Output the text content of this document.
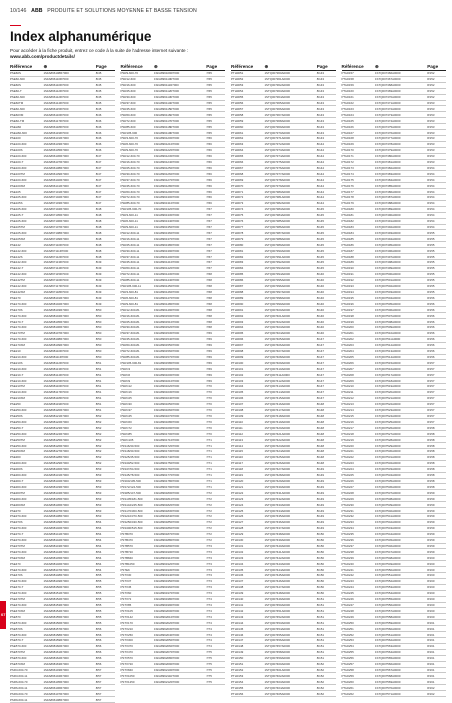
10/146 ABB PRODUITE ET SOLUTIONS MOYENNE ET BASSE TENSION
Index alphanumérique
Pour accéder à la fiche produit, entrez ce code à la suite de l'adresse internet suivante :
www.abb.com/productdetails/
Référence	⊕	Page
PSE60S	1SFA896108R7000	8/45
PSE60-600	1SFA896110R7000	8/45
PSE60S	1SFA896110R7000	8/45
PSE60-T	1SFA896112R7000	8/45
PSE60-600	1SFA896112R7000	8/45
PSE60TM	1SFA896114R7000	8/45
PSE60-600	1SFA896115R7000	8/45
PSE60XM	1SFA896116R7000	8/46
PSE60-TM	1SFA896117R7000	8/46
PSEH60	1SFA896118R7000	8/46
PSEH60-600	1SFA896119R7000	8/46
PSE100	1SFA896131R7000	8/46
PSE100-600	1SFA896133R7000	8/46
PSE100S	1SFA896135R7000	8/46
PSE100-600	1SFA896136R7000	8/47
PSE100-T	1SFA896137R7000	8/47
PSE100-600	1SFA896138R7000	8/47
PSE100TM	1SFA896139R7000	8/47
PSE100-600	1SFA896140R7000	8/47
PSE100XM	1SFA896141R7000	8/47
PSE105	1SFA897101R7000	8/47
PSE105-600	1SFA897102R7000	8/47
PSE105S	1SFA897103R7000	8/47
PSE105-600	1SFA897104R7000	8/48
PSE105-T	1SFA897105R7000	8/48
PSE105-600	1SFA897106R7000	8/48
PSE105TM	1SFA897107R7000	8/48
PSE105-600	1SFA897108R7000	8/48
PSE105XM	1SFA897109R7000	8/48
PSE142	1SFA897110R7000	8/48
PSE142-600	1SFA897111R7000	8/48
PSE142S	1SFA897112R7000	8/48
PSE142-600	1SFA897113R7000	8/49
PSE142-T	1SFA897114R7000	8/49
PSE142-600	1SFA897115R7000	8/49
PSE142TM	1SFA897116R7000	8/49
PSE142-600	1SFA897117R7000	8/49
PSE142XM	1SFA897118R7000	8/49
PSE170	1SFA898101R7000	8/49
PSE170-600	1SFA898102R7000	8/49
PSE170S	1SFA898103R7000	8/50
PSE170-600	1SFA898104R7000	8/50
PSE170-T	1SFA898105R7000	8/50
PSE170-600	1SFA898106R7000	8/50
PSE170TM	1SFA898107R7000	8/50
PSE170-600	1SFA898108R7000	8/50
PSE170XM	1SFA898109R7000	8/50
PSE210	1SFA898110R7000	8/50
PSE210-600	1SFA898111R7000	8/50
PSE210S	1SFA898112R7000	8/51
PSE210-600	1SFA898113R7000	8/51
PSE210-T	1SFA898114R7000	8/51
PSE210-600	1SFA898115R7000	8/51
PSE210TM	1SFA898116R7000	8/51
PSE210-600	1SFA898117R7000	8/51
PSE210XM	1SFA898118R7000	8/51
PSE250	1SFA898119R7000	8/51
PSE250-600	1SFA898120R7000	8/51
PSE250S	1SFA898121R7000	8/52
PSE250-600	1SFA898122R7000	8/52
PSE250-T	1SFA898123R7000	8/52
PSE250-600	1SFA898124R7000	8/52
PSE250TM	1SFA898125R7000	8/52
PSE250-600	1SFA898126R7000	8/52
PSE250XM	1SFA898127R7000	8/52
PSE300	1SFA898128R7000	8/52
PSE300-600	1SFA898129R7000	8/52
PSE300S	1SFA898130R7000	8/53
PSE300-600	1SFA898131R7000	8/53
PSE300-T	1SFA898132R7000	8/53
PSE300-600	1SFA898133R7000	8/53
PSE300TM	1SFA898134R7000	8/53
PSE300-600	1SFA898135R7000	8/53
PSE300XM	1SFA898136R7000	8/53
PSE370	1SFA898137R7000	8/53
PSE370-600	1SFA898138R7000	8/53
PSE370S	1SFA898139R7000	8/54
PSE370-600	1SFA898140R7000	8/54
PSE370-T	1SFA898141R7000	8/54
PSE370-600	1SFA898142R7000	8/54
PSE370TM	1SFA898143R7000	8/54
PSE370-600	1SFA898144R7000	8/54
PSE370XM	1SFA898145R7000	8/54
PSE470	1SFA898146R7000	8/54
PSE470-600	1SFA898147R7000	8/54
PSE470S	1SFA898148R7000	8/55
PSE470-600	1SFA898149R7000	8/55
PSE470-T	1SFA898150R7000	8/55
PSE470-600	1SFA898151R7000	8/55
PSE470TM	1SFA898152R7000	8/55
PSE470-600	1SFA898153R7000	8/55
PSE470XM	1SFA898154R7000	8/55
PSE570	1SFA898155R7000	8/55
PSE570-600	1SFA898156R7000	8/55
PSE570S	1SFA898157R7000	8/56
PSE570-600	1SFA898158R7000	8/56
PSE570-T	1SFA898159R7000	8/56
PSE570-600	1SFA898160R7000	8/56
PSE570TM	1SFA898161R7000	8/56
PSE570-600	1SFA898162R7000	8/56
PSE570XM	1SFA898163R7000	8/56
PSR3-600-70	1SFA896103R7000	8/57
PSR3-600-11	1SFA896104R7000	8/57
PSR6-600-70	1SFA896105R7000	8/57
PSR6-600-11	1SFA896106R7000	8/57
PSR9-600-70	1SFA896107R7000	8/57
PSR9-600-11	1SFA896108R7000	8/57
Référence	⊕	Page
PSR9-600-70	1SFA896109R7000	7/65
PSR12-600	1SFA896110R7000	7/65
PSR16-600	1SFA896111R7000	7/65
PSR25-600	1SFA896112R7000	7/65
PSR30-600	1SFA896113R7000	7/65
PSR37-600	1SFA896114R7000	7/65
PSR45-600	1SFA896115R7000	7/65
PSR60-600	1SFA896116R7000	7/65
PSR72-600	1SFA896117R7000	7/65
PSR85-600	1SFA896118R7000	7/65
PSR105-600	1SFA896119R7000	7/65
PSR3-600-70	1SFA896120R7000	7/66
PSR6-600-70	1SFA896121R7000	7/66
PSR9-600-70	1SFA896122R7000	7/66
PSR12-600-70	1SFA896123R7000	7/66
PSR16-600-70	1SFA896124R7000	7/66
PSR25-600-70	1SFA896125R7000	7/66
PSR30-600-70	1SFA896126R7000	7/66
PSR37-600-70	1SFA896127R7000	7/66
PSR45-600-70	1SFA896128R7000	7/66
PSR60-600-70	1SFA896129R7000	7/66
PSR72-600-70	1SFA896130R7000	7/66
PSR85-600-70	1SFA896131R7000	7/66
PSR105-600-70	1SFA896132R7000	7/67
PSR3-600-11	1SFA896133R7000	7/67
PSR6-600-11	1SFA896134R7000	7/67
PSR9-600-11	1SFA896135R7000	7/67
PSR12-600-11	1SFA896136R7000	7/67
PSR16-600-11	1SFA896137R7000	7/67
PSR25-600-11	1SFA896138R7000	7/67
PSR30-600-11	1SFA896139R7000	7/67
PSR37-600-11	1SFA896140R7000	7/67
PSR45-600-11	1SFA896141R7000	7/67
PSR60-600-11	1SFA896142R7000	7/67
PSR72-600-11	1SFA896143R7000	7/68
PSR85-600-11	1SFA896144R7000	7/68
PSR105-600-11	1SFA896145R7000	7/68
PSR3-600-81	1SFA896146R7000	7/68
PSR6-600-81	1SFA896147R7000	7/68
PSR9-600-81	1SFA896148R7000	7/68
PSR12-600-81	1SFA896149R7000	7/68
PSR16-600-81	1SFA896150R7000	7/68
PSR25-600-81	1SFA896151R7000	7/68
PSR30-600-81	1SFA896152R7000	7/68
PSR37-600-81	1SFA896153R7000	7/69
PSR45-600-81	1SFA896154R7000	7/69
PSR60-600-81	1SFA896155R7000	7/69
PSR72-600-81	1SFA896156R7000	7/69
PSR85-600-81	1SFA896157R7000	7/69
PSR105-600-81	1SFA896158R7000	7/69
PSRC3	1SFA896159R7000	7/69
PSRC6	1SFA896160R7000	7/69
PSRC9	1SFA896161R7000	7/69
PSRC12	1SFA896162R7000	7/70
PSRC16	1SFA896163R7000	7/70
PSRC25	1SFA896164R7000	7/70
PSRC30	1SFA896165R7000	7/70
PSRC37	1SFA896166R7000	7/70
PSRC45	1SFA896167R7000	7/70
PSRC60	1SFA896168R7000	7/70
PSRC72	1SFA896169R7000	7/70
PSRC85	1SFA896170R7000	7/70
PSRC105	1SFA896171R7000	7/71
PSS16/30-500	1SFA896172R7000	7/71
PSS18/30-500	1SFA896173R7000	7/71
PSS25/45-500	1SFA896174R7000	7/71
PSS30/52-500	1SFA896175R7000	7/71
PSS37/64-500	1SFA896176R7000	7/71
PSS45/78-500	1SFA896177R7000	7/71
PSS60/105-500	1SFA896178R7000	7/71
PSS72/124-500	1SFA896179R7000	7/71
PSS85/147-500	1SFA896180R7000	7/72
PSS105/181-500	1SFA896181R7000	7/72
PSS142/245-500	1SFA896182R7000	7/72
PSS170/300-500	1SFA896183R7000	7/72
PSS210/370-500	1SFA896184R7000	7/72
PSS250/430-500	1SFA896185R7000	7/72
PSS300/515-500	1SFA896186R7000	7/72
PSTB370	1SFA896187R7000	7/72
PSTB470	1SFA896188R7000	7/72
PSTB570	1SFA896189R7000	7/73
PSTB720	1SFA896190R7000	7/73
PSTB840	1SFA896191R7000	7/73
PSTB1050	1SFA896192R7000	7/73
PSTEK	1SFA896193R7000	7/73
PSTX30	1SFA896194R7000	7/73
PSTX37	1SFA896195R7000	7/73
PSTX45	1SFA896196R7000	7/73
PSTX60	1SFA896197R7000	7/73
PSTX72	1SFA896198R7000	7/74
PSTX85	1SFA896199R7000	7/74
PSTX105	1SFA896200R7000	7/74
PSTX142	1SFA896201R7000	7/74
PSTX170	1SFA896202R7000	7/74
PSTX210	1SFA896203R7000	7/74
PSTX250	1SFA896204R7000	7/74
PSTX300	1SFA896205R7000	7/74
PSTX370	1SFA896206R7000	7/74
PSTX470	1SFA896207R7000	7/75
PSTX570	1SFA896208R7000	7/75
PSTX720	1SFA896209R7000	7/75
PSTX840	1SFA896210R7000	7/75
PSTX1050	1SFA896211R7000	7/75
PSTX1250	1SFA896212R7000	7/75
Référence	⊕	Page
PTH0051	1STQ007360A0000	8/143
PTH0052	1STQ007361A0000	8/143
PTH0053	1STQ007362A0000	8/143
PTH0054	1STQ007363A0000	8/143
PTH0055	1STQ007364A0000	8/143
PTH0056	1STQ007365A0000	8/143
PTH0057	1STQ007366A0000	8/143
PTH0058	1STQ007367A0000	8/143
PTH0059	1STQ007368A0000	8/143
PTH0060	1STQ007369A0000	8/143
PTH0061	1STQ007370A0000	8/143
PTH0062	1STQ007371A0000	8/143
PTH0063	1STQ007372A0000	8/144
PTH0064	1STQ007373A0000	8/144
PTH0065	1STQ007374A0000	8/144
PTH0066	1STQ007375A0000	8/144
PTH0067	1STQ007376A0000	8/144
PTH0068	1STQ007377A0000	8/144
PTH0069	1STQ007378A0000	8/144
PTH0070	1STQ007379A0000	8/144
PTH0071	1STQ007380A0000	8/144
PTH0072	1STQ007381A0000	8/144
PTH0073	1STQ007382A0000	8/144
PTH0074	1STQ007383A0000	8/145
PTH0075	1STQ007384A0000	8/145
PTH0076	1STQ007385A0000	8/145
PTH0077	1STQ007386A0000	8/145
PTH0078	1STQ007387A0000	8/145
PTH0079	1STQ007388A0000	8/145
PTH0080	1STQ007389A0000	8/145
PTH0081	1STQ007390A0000	8/145
PTH0082	1STQ007391A0000	8/145
PTH0083	1STQ007392A0000	8/145
PTH0084	1STQ007393A0000	8/145
PTH0085	1STQ007394A0000	8/146
PTH0086	1STQ007395A0000	8/146
PTH0087	1STQ007396A0000	8/146
PTH0088	1STQ007397A0000	8/146
PTH0089	1STQ007398A0000	8/146
PTH0090	1STQ007399A0000	8/146
PTH0091	1STQ007400A0000	8/146
PTH0092	1STQ007401A0000	8/146
PTH0093	1STQ007402A0000	8/146
PTH0094	1STQ007403A0000	8/146
PTH0095	1STQ007404A0000	8/146
PTH0096	1STQ007405A0000	8/147
PTH0097	1STQ007406A0000	8/147
PTH0098	1STQ007407A0000	8/147
PTH0099	1STQ007408A0000	8/147
PTH0100	1STQ007409A0000	8/147
PTH0101	1STQ007410A0000	8/147
PTH0102	1STQ007411A0000	8/147
PTH0103	1STQ007412A0000	8/147
PTH0104	1STQ007413A0000	8/147
PTH0105	1STQ007414A0000	8/147
PTH0106	1STQ007415A0000	8/147
PTH0107	1STQ007416A0000	8/148
PTH0108	1STQ007417A0000	8/148
PTH0109	1STQ007418A0000	8/148
PTH0110	1STQ007419A0000	8/148
PTH0111	1STQ007420A0000	8/148
PTH0112	1STQ007421A0000	8/148
PTH0113	1STQ007422A0000	8/148
PTH0114	1STQ007423A0000	8/148
PTH0115	1STQ007424A0000	8/148
PTH0116	1STQ007425A0000	8/148
PTH0117	1STQ007426A0000	8/148
PTH0118	1STQ007427A0000	8/149
PTH0119	1STQ007428A0000	8/149
PTH0120	1STQ007429A0000	8/149
PTH0121	1STQ007430A0000	8/149
PTH0122	1STQ007431A0000	8/149
PTH0123	1STQ007432A0000	8/149
PTH0124	1STQ007433A0000	8/149
PTH0125	1STQ007434A0000	8/149
PTH0126	1STQ007435A0000	8/149
PTH0127	1STQ007436A0000	8/149
PTH0128	1STQ007437A0000	8/149
PTH0129	1STQ007438A0000	8/150
PTH0130	1STQ007439A0000	8/150
PTH0131	1STQ007440A0000	8/150
PTH0132	1STQ007441A0000	8/150
PTH0133	1STQ007442A0000	8/150
PTH0134	1STQ007443A0000	8/150
PTH0135	1STQ007444A0000	8/150
PTH0136	1STQ007445A0000	8/150
PTH0137	1STQ007446A0000	8/150
PTH0138	1STQ007447A0000	8/150
PTH0139	1STQ007448A0000	8/150
PTH0140	1STQ007449A0000	8/151
PTH0141	1STQ007450A0000	8/151
PTH0142	1STQ007451A0000	8/151
PTH0143	1STQ007452A0000	8/151
PTH0144	1STQ007453A0000	8/151
PTH0145	1STQ007454A0000	8/151
PTH0146	1STQ007455A0000	8/151
PTH0147	1STQ007456A0000	8/151
PTH0148	1STQ007457A0000	8/151
PTH0149	1STQ007458A0000	8/151
PTH0150	1STQ007459A0000	8/151
PTH0151	1STQ007460A0000	8/152
PTH0152	1STQ007461A0000	8/152
PTH0153	1STQ007462A0000	8/152
PTH0154	1STQ007463A0000	8/152
PTH0155	1STQ007464A0000	8/152
PTH0156	1STQ007465A0000	8/152
Référence	⊕	Page
PTH0157	1STQ007466A0000	8/152
PTH0158	1STQ007467A0000	8/152
PTH0159	1STQ007468A0000	8/152
PTH0160	1STQ007469A0000	8/152
PTH0161	1STQ007470A0000	8/152
PTH0162	1STQ007471A0000	8/153
PTH0163	1STQ007472A0000	8/153
PTH0164	1STQ007473A0000	8/153
PTH0165	1STQ007474A0000	8/153
PTH0166	1STQ007475A0000	8/153
PTH0167	1STQ007476A0000	8/153
PTH0168	1STQ007477A0000	8/153
PTH0169	1STQ007478A0000	8/153
PTH0170	1STQ007479A0000	8/153
PTH0171	1STQ007480A0000	8/153
PTH0172	1STQ007481A0000	8/153
PTH0173	1STQ007482A0000	8/154
PTH0174	1STQ007483A0000	8/154
PTH0175	1STQ007484A0000	8/154
PTH0176	1STQ007485A0000	8/154
PTH0177	1STQ007486A0000	8/154
PTH0178	1STQ007487A0000	8/154
PTH0179	1STQ007488A0000	8/154
PTH0180	1STQ007489A0000	8/154
PTH0181	1STQ007490A0000	8/154
PTH0182	1STQ007491A0000	8/154
PTH0183	1STQ007492A0000	8/154
PTH0184	1STQ007493A0000	8/155
PTH0185	1STQ007494A0000	8/155
PTH0186	1STQ007495A0000	8/155
PTH0187	1STQ007496A0000	8/155
PTH0188	1STQ007497A0000	8/155
PTH0189	1STQ007498A0000	8/155
PTH0190	1STQ007499A0000	8/155
PTH0191	1STQ007500A0000	8/155
PTH0192	1STQ007501A0000	8/155
PTH0193	1STQ007502A0000	8/155
PTH0194	1STQ007503A0000	8/155
PTH0195	1STQ007504A0000	8/156
PTH0196	1STQ007505A0000	8/156
PTH0197	1STQ007506A0000	8/156
PTH0198	1STQ007507A0000	8/156
PTH0199	1STQ007508A0000	8/156
PTH0200	1STQ007509A0000	8/156
PTH0201	1STQ007510A0000	8/156
PTH0202	1STQ007511A0000	8/156
PTH0203	1STQ007512A0000	8/156
PTH0204	1STQ007513A0000	8/156
PTH0205	1STQ007514A0000	8/156
PTH0206	1STQ007515A0000	8/157
PTH0207	1STQ007516A0000	8/157
PTH0208	1STQ007517A0000	8/157
PTH0209	1STQ007518A0000	8/157
PTH0210	1STQ007519A0000	8/157
PTH0211	1STQ007520A0000	8/157
PTH0212	1STQ007521A0000	8/157
PTH0213	1STQ007522A0000	8/157
PTH0214	1STQ007523A0000	8/157
PTH0215	1STQ007524A0000	8/157
PTH0216	1STQ007525A0000	8/157
PTH0217	1STQ007526A0000	8/158
PTH0218	1STQ007527A0000	8/158
PTH0219	1STQ007528A0000	8/158
PTH0220	1STQ007529A0000	8/158
PTH0221	1STQ007530A0000	8/158
PTH0222	1STQ007531A0000	8/158
PTH0223	1STQ007532A0000	8/158
PTH0224	1STQ007533A0000	8/158
PTH0225	1STQ007534A0000	8/158
PTH0226	1STQ007535A0000	8/158
PTH0227	1STQ007536A0000	8/158
PTH0228	1STQ007537A0000	8/159
PTH0229	1STQ007538A0000	8/159
PTH0230	1STQ007539A0000	8/159
PTH0231	1STQ007540A0000	8/159
PTH0232	1STQ007541A0000	8/159
PTH0233	1STQ007542A0000	8/159
PTH0234	1STQ007543A0000	8/159
PTH0235	1STQ007544A0000	8/159
PTH0236	1STQ007545A0000	8/159
PTH0237	1STQ007546A0000	8/159
PTH0238	1STQ007547A0000	8/159
PTH0239	1STQ007548A0000	8/160
PTH0240	1STQ007549A0000	8/160
PTH0241	1STQ007550A0000	8/160
PTH0242	1STQ007551A0000	8/160
PTH0243	1STQ007552A0000	8/160
PTH0244	1STQ007553A0000	8/160
PTH0245	1STQ007554A0000	8/160
PTH0246	1STQ007555A0000	8/160
PTH0247	1STQ007556A0000	8/160
PTH0248	1STQ007557A0000	8/160
PTH0249	1STQ007558A0000	8/160
PTH0250	1STQ007559A0000	8/161
PTH0251	1STQ007560A0000	8/161
PTH0252	1STQ007561A0000	8/161
PTH0253	1STQ007562A0000	8/161
PTH0254	1STQ007563A0000	8/161
PTH0255	1STQ007564A0000	8/161
PTH0256	1STQ007565A0000	8/161
PTH0257	1STQ007566A0000	8/161
PTH0258	1STQ007567A0000	8/161
PTH0259	1STQ007568A0000	8/161
PTH0260	1STQ007569A0000	8/161
PTH0261	1STQ007570A0000	8/162
PTH0262	1STQ007571A0000	8/162
07
